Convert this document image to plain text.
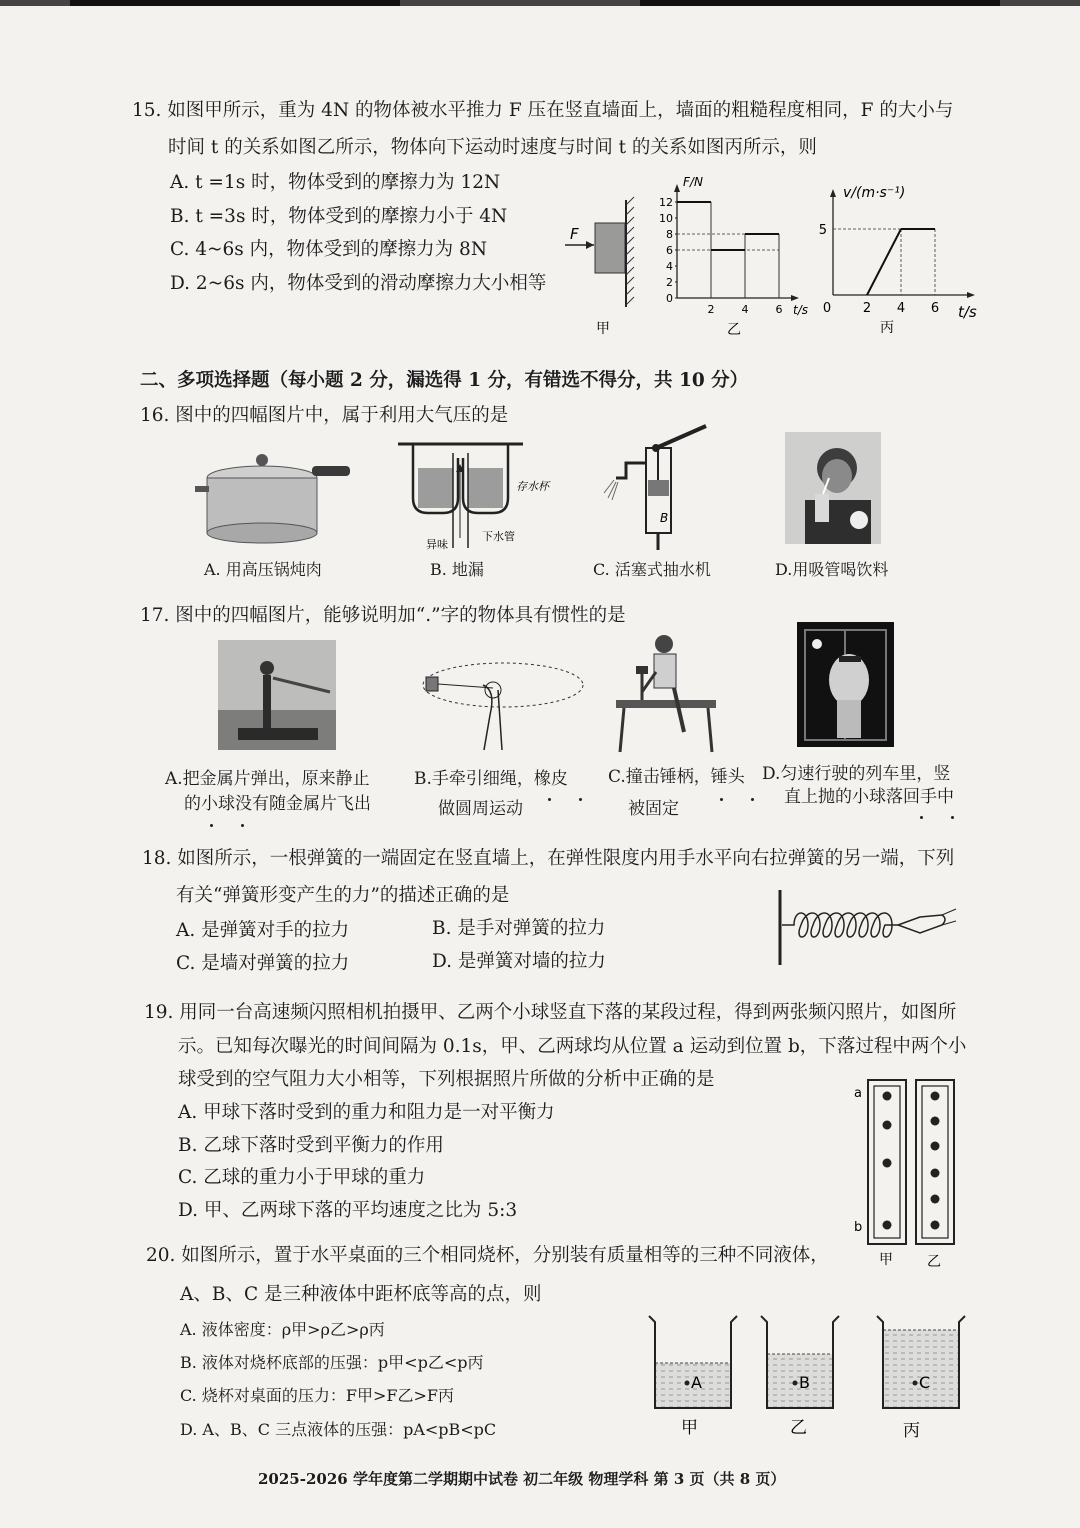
15. 如图甲所示，重为 4N 的物体被水平推力 F 压在竖直墙面上，墙面的粗糙程度相同，F 的大小与
时间 t 的关系如图乙所示，物体向下运动时速度与时间 t 的关系如图丙所示，则
A. t =1s 时，物体受到的摩擦力为 12N
B. t =3s 时，物体受到的摩擦力小于 4N
C. 4~6s 内，物体受到的摩擦力为 8N
D. 2~6s 内，物体受到的滑动摩擦力大小相等
F
甲
12
10
8
6
4
2
0
2 4 6
F/N
t/s
乙
5
0 2 4 6
v/(m·s⁻¹)
t/s
丙
二、多项选择题（每小题 2 分，漏选得 1 分，有错选不得分，共 10 分）
16. 图中的四幅图片中，属于利用大气压的是
A. 用高压锅炖肉
存水杯
异味
下水管
B. 地漏
B
C. 活塞式抽水机	D.用吸管喝饮料
17. 图中的四幅图片，能够说明加“.”字的物体具有惯性的是
A.把金属片弹出，原来静止
的小球没有随金属片飞出
B.手牵引细绳，橡皮
做圆周运动
C.撞击锤柄，锤头
被固定
D.匀速行驶的列车里，竖
直上抛的小球落回手中
18. 如图所示，一根弹簧的一端固定在竖直墙上，在弹性限度内用手水平向右拉弹簧的另一端，下列
有关“弹簧形变产生的力”的描述正确的是
A. 是弹簧对手的拉力	B. 是手对弹簧的拉力
C. 是墙对弹簧的拉力	D. 是弹簧对墙的拉力
19. 用同一台高速频闪照相机拍摄甲、乙两个小球竖直下落的某段过程，得到两张频闪照片，如图所
示。已知每次曝光的时间间隔为 0.1s，甲、乙两球均从位置 a 运动到位置 b，下落过程中两个小
球受到的空气阻力大小相等，下列根据照片所做的分析中正确的是
A. 甲球下落时受到的重力和阻力是一对平衡力
B. 乙球下落时受到平衡力的作用
C. 乙球的重力小于甲球的重力
D. 甲、乙两球下落的平均速度之比为 5:3
a
b
甲 乙
20. 如图所示，置于水平桌面的三个相同烧杯，分别装有质量相等的三种不同液体，
A、B、C 是三种液体中距杯底等高的点，则
A. 液体密度：ρ甲>ρ乙>ρ丙
B. 液体对烧杯底部的压强：p甲<p乙<p丙
C. 烧杯对桌面的压力：F甲>F乙>F丙
D. A、B、C 三点液体的压强：pA<pB<pC
A
甲
B
乙
C
丙
2025-2026 学年度第二学期期中试卷 初二年级 物理学科 第 3 页（共 8 页）
